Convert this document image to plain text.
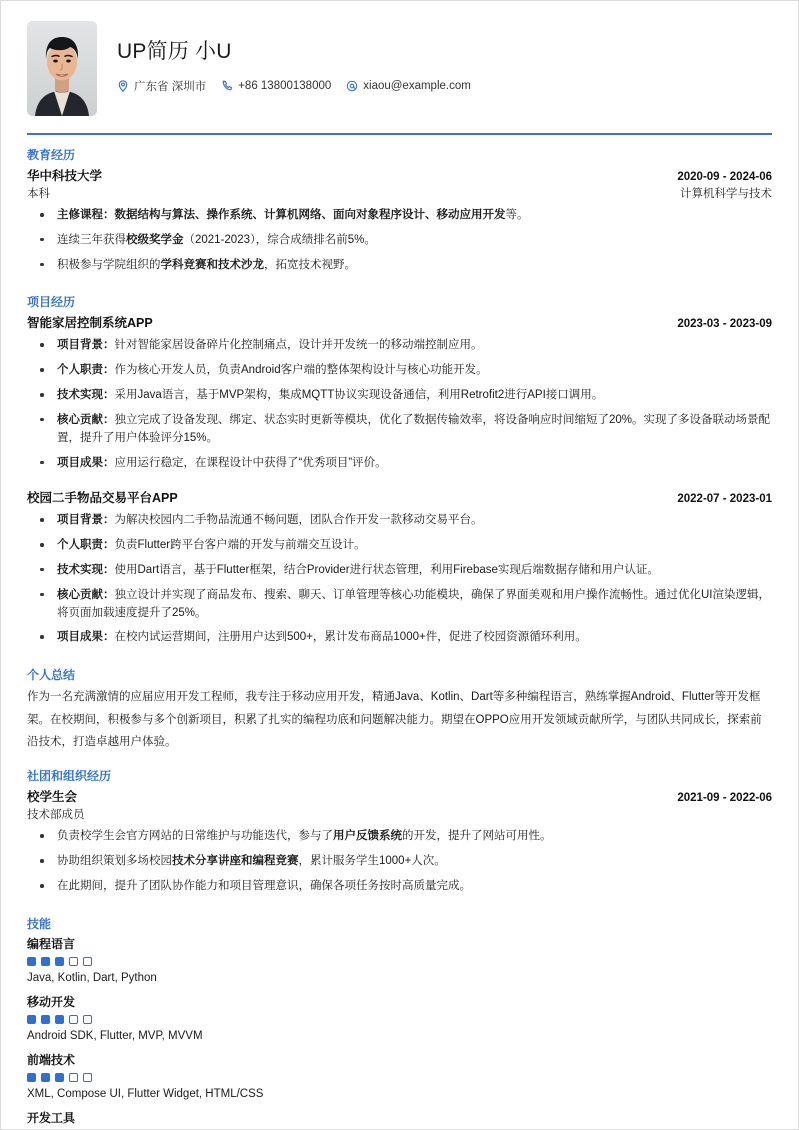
UP简历 小U
广东省 深圳市	+86 13800138000	xiaou@example.com
教育经历
华中科技大学	2020-09 - 2024-06
本科	计算机科学与技术
主修课程：数据结构与算法、操作系统、计算机网络、面向对象程序设计、移动应用开发等。
连续三年获得校级奖学金（2021-2023），综合成绩排名前5%。
积极参与学院组织的学科竞赛和技术沙龙，拓宽技术视野。
项目经历
智能家居控制系统APP	2023-03 - 2023-09
项目背景：针对智能家居设备碎片化控制痛点，设计并开发统一的移动端控制应用。
个人职责：作为核心开发人员，负责Android客户端的整体架构设计与核心功能开发。
技术实现：采用Java语言，基于MVP架构，集成MQTT协议实现设备通信，利用Retrofit2进行API接口调用。
核心贡献：独立完成了设备发现、绑定、状态实时更新等模块，优化了数据传输效率，将设备响应时间缩短了20%。实现了多设备联动场景配置，提升了用户体验评分15%。
项目成果：应用运行稳定，在课程设计中获得了“优秀项目”评价。
校园二手物品交易平台APP	2022-07 - 2023-01
项目背景：为解决校园内二手物品流通不畅问题，团队合作开发一款移动交易平台。
个人职责：负责Flutter跨平台客户端的开发与前端交互设计。
技术实现：使用Dart语言，基于Flutter框架，结合Provider进行状态管理，利用Firebase实现后端数据存储和用户认证。
核心贡献：独立设计并实现了商品发布、搜索、聊天、订单管理等核心功能模块，确保了界面美观和用户操作流畅性。通过优化UI渲染逻辑，将页面加载速度提升了25%。
项目成果：在校内试运营期间，注册用户达到500+，累计发布商品1000+件，促进了校园资源循环利用。
个人总结

作为一名充满激情的应届应用开发工程师，我专注于移动应用开发，精通Java、Kotlin、Dart等多种编程语言，熟练掌握Android、Flutter等开发框架。在校期间，积极参与多个创新项目，积累了扎实的编程功底和问题解决能力。期望在OPPO应用开发领域贡献所学，与团队共同成长，探索前沿技术，打造卓越用户体验。

社团和组织经历
校学生会	2021-09 - 2022-06
技术部成员
负责校学生会官方网站的日常维护与功能迭代，参与了用户反馈系统的开发，提升了网站可用性。
协助组织策划多场校园技术分享讲座和编程竞赛，累计服务学生1000+人次。
在此期间，提升了团队协作能力和项目管理意识，确保各项任务按时高质量完成。
技能
编程语言
Java, Kotlin, Dart, Python
移动开发
Android SDK, Flutter, MVP, MVVM
前端技术
XML, Compose UI, Flutter Widget, HTML/CSS
开发工具
